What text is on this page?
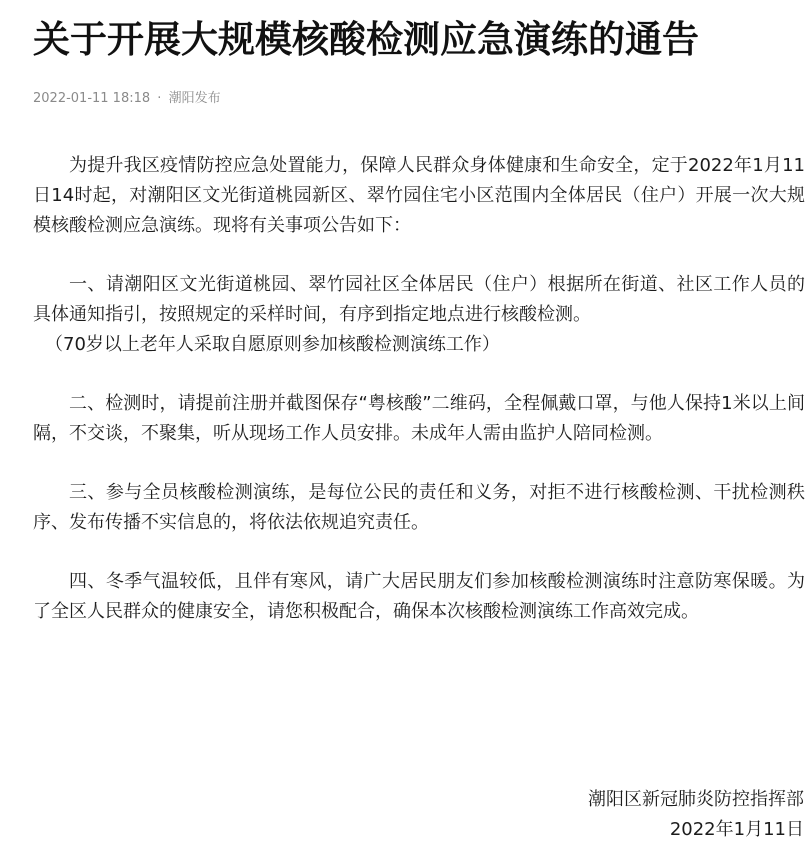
关于开展大规模核酸检测应急演练的通告
2022-01-11 18:18 · 潮阳发布

为提升我区疫情防控应急处置能力，保障人民群众身体健康和生命安全，定于2022年1月11日14时起，对潮阳区文光街道桃园新区、翠竹园住宅小区范围内全体居民（住户）开展一次大规模核酸检测应急演练。现将有关事项公告如下：

一、请潮阳区文光街道桃园、翠竹园社区全体居民（住户）根据所在街道、社区工作人员的具体通知指引，按照规定的采样时间，有序到指定地点进行核酸检测。
（70岁以上老年人采取自愿原则参加核酸检测演练工作）

二、检测时，请提前注册并截图保存“粤核酸”二维码，全程佩戴口罩，与他人保持1米以上间隔，不交谈，不聚集，听从现场工作人员安排。未成年人需由监护人陪同检测。

三、参与全员核酸检测演练，是每位公民的责任和义务，对拒不进行核酸检测、干扰检测秩序、发布传播不实信息的，将依法依规追究责任。

四、冬季气温较低，且伴有寒风，请广大居民朋友们参加核酸检测演练时注意防寒保暖。为了全区人民群众的健康安全，请您积极配合，确保本次核酸检测演练工作高效完成。

潮阳区新冠肺炎防控指挥部
2022年1月11日
